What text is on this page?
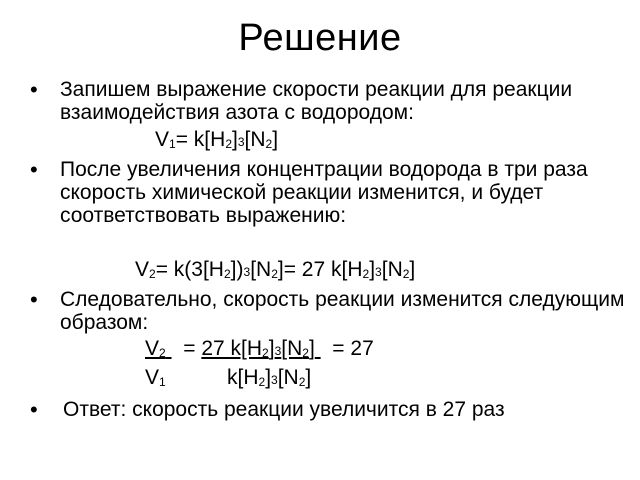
Решение
• Запишем выражение скорости реакции для реакции взаимодействия азота с водородом:
$V_1= k[H_2]3[N_2]$
• После увеличения концентрации водорода в три раза скорость химической реакции изменится, и будет соответствовать выражению:
$V_2= k(3[H_2])3[N_2]= 27$ $k[H_2]3[N_2]$
• Следовательно, скорость реакции изменится следующим образом:
$V_2 = 27$ $k[H_2]3[N_2] = 27$
$V_1$	$k[H_2]3[N_2]$
• Ответ: скорость реакции увеличится в 27 раз
